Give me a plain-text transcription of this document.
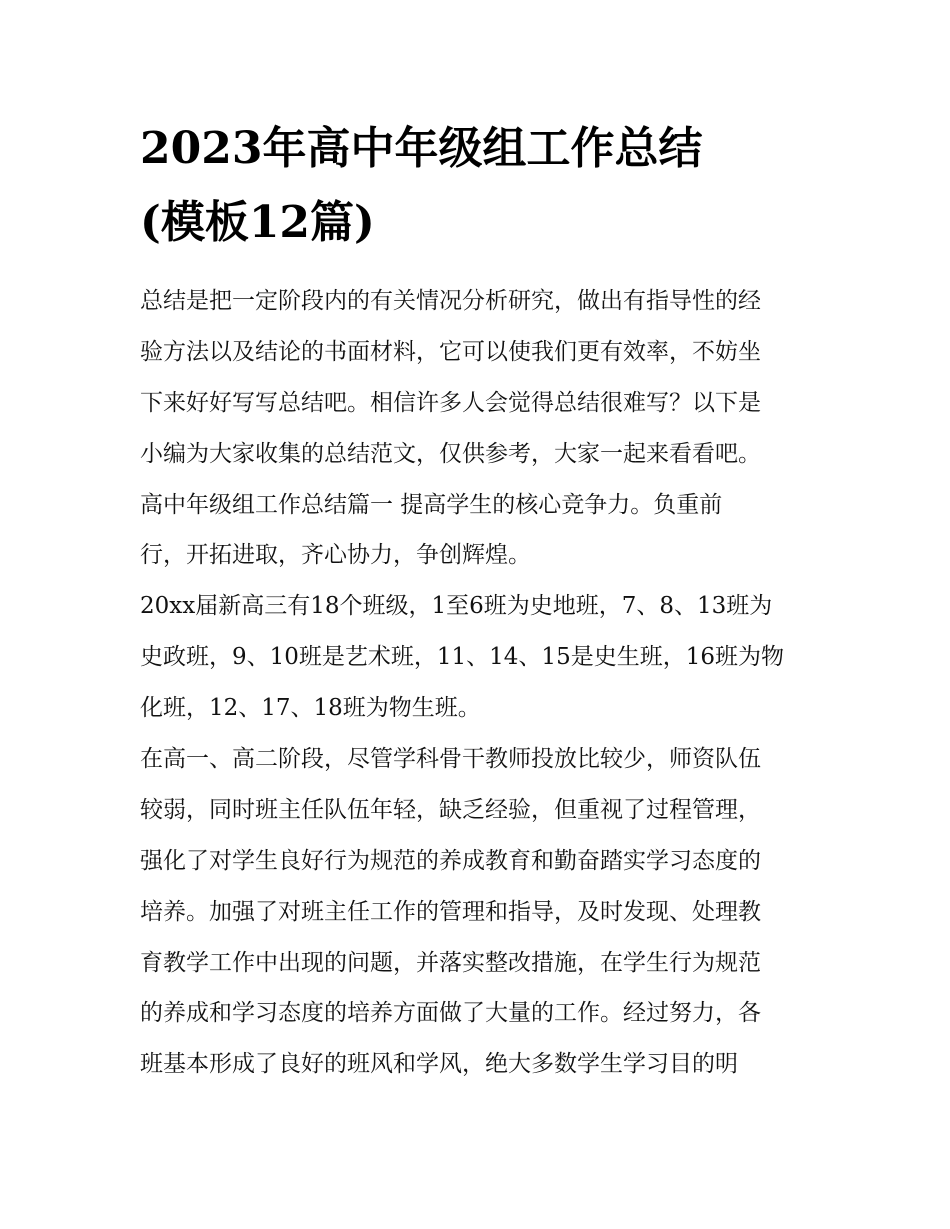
2023年高中年级组工作总结
(模板12篇)
总结是把一定阶段内的有关情况分析研究，做出有指导性的经
验方法以及结论的书面材料，它可以使我们更有效率，不妨坐
下来好好写写总结吧。相信许多人会觉得总结很难写？以下是
小编为大家收集的总结范文，仅供参考，大家一起来看看吧。
高中年级组工作总结篇一 提高学生的核心竞争力。负重前
行，开拓进取，齐心协力，争创辉煌。
20xx届新高三有18个班级，1至6班为史地班，7、8、13班为
史政班，9、10班是艺术班，11、14、15是史生班，16班为物
化班，12、17、18班为物生班。
在高一、高二阶段，尽管学科骨干教师投放比较少，师资队伍
较弱，同时班主任队伍年轻，缺乏经验，但重视了过程管理，
强化了对学生良好行为规范的养成教育和勤奋踏实学习态度的
培养。加强了对班主任工作的管理和指导，及时发现、处理教
育教学工作中出现的问题，并落实整改措施，在学生行为规范
的养成和学习态度的培养方面做了大量的工作。经过努力，各
班基本形成了良好的班风和学风，绝大多数学生学习目的明
